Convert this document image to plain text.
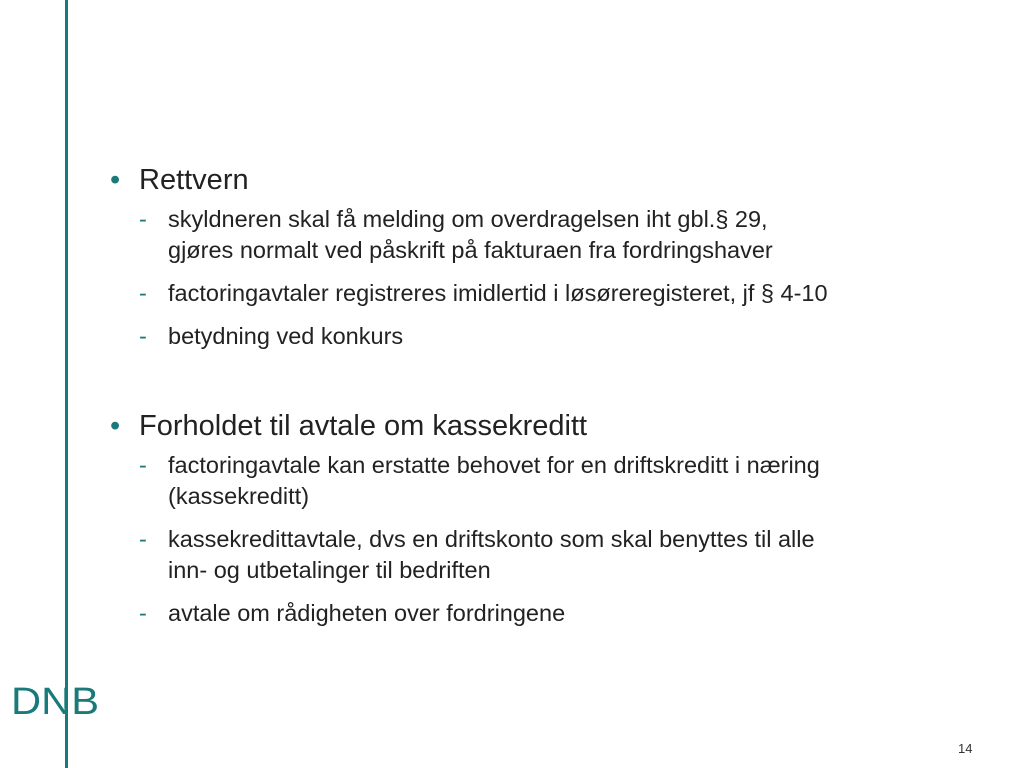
• Rettvern
- skyldneren skal få melding om overdragelsen iht gbl.§ 29,
gjøres normalt ved påskrift på fakturaen fra fordringshaver
- factoringavtaler registreres imidlertid i løsøreregisteret, jf § 4-10
- betydning ved konkurs
• Forholdet til avtale om kassekreditt
- factoringavtale kan erstatte behovet for en driftskreditt i næring
(kassekreditt)
- kassekredittavtale, dvs en driftskonto som skal benyttes til alle
inn- og utbetalinger til bedriften
- avtale om rådigheten over fordringene
DNB
14
